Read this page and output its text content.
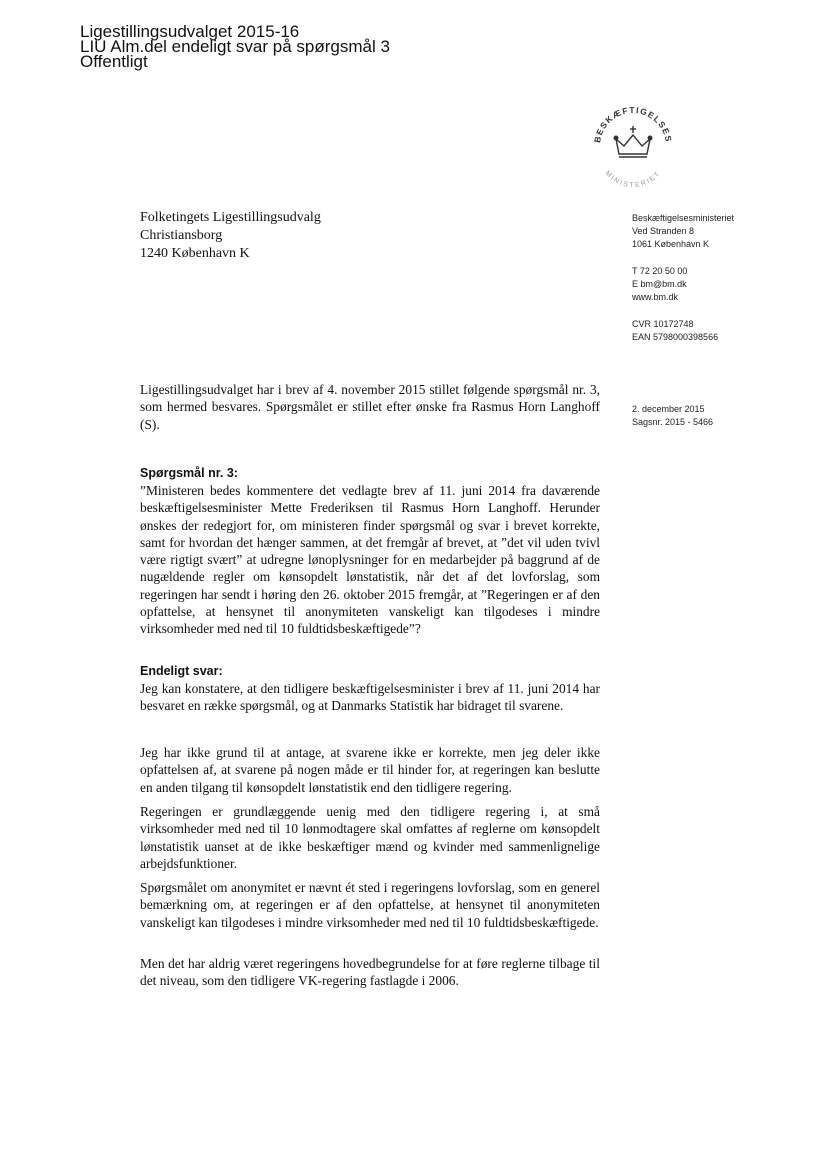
Ligestillingsudvalget 2015-16
LIU Alm.del endeligt svar på spørgsmål 3
Offentligt
BESKÆFTIGELSES
MINISTERIET
Folketingets Ligestillingsudvalg
Christiansborg
1240 København K
Beskæftigelsesministeriet
Ved Stranden 8
1061 København K
T 72 20 50 00
E bm@bm.dk
www.bm.dk
CVR 10172748
EAN 5798000398566
2. december 2015
Sagsnr. 2015 - 5466

Ligestillingsudvalget har i brev af 4. november 2015 stillet følgende spørgsmål nr. 3, som hermed besvares. Spørgsmålet er stillet efter ønske fra Rasmus Horn Langhoff (S).

Spørgsmål nr. 3:

”Ministeren bedes kommentere det vedlagte brev af 11. juni 2014 fra daværende beskæftigelsesminister Mette Frederiksen til Rasmus Horn Langhoff. Herunder ønskes der redegjort for, om ministeren finder spørgsmål og svar i brevet korrekte, samt for hvordan det hænger sammen, at det fremgår af brevet, at ”det vil uden tvivl være rigtigt svært” at udregne lønoplysninger for en medarbejder på baggrund af de nugældende regler om kønsopdelt lønstatistik, når det af det lovforslag, som regeringen har sendt i høring den 26. oktober 2015 fremgår, at ”Regeringen er af den opfattelse, at hensynet til anonymiteten vanskeligt kan tilgodeses i mindre virksomheder med ned til 10 fuldtidsbeskæftigede”?

Endeligt svar:

Jeg kan konstatere, at den tidligere beskæftigelsesminister i brev af 11. juni 2014 har besvaret en række spørgsmål, og at Danmarks Statistik har bidraget til svarene.

Jeg har ikke grund til at antage, at svarene ikke er korrekte, men jeg deler ikke opfattelsen af, at svarene på nogen måde er til hinder for, at regeringen kan beslutte en anden tilgang til kønsopdelt lønstatistik end den tidligere regering.

Regeringen er grundlæggende uenig med den tidligere regering i, at små virksomheder med ned til 10 lønmodtagere skal omfattes af reglerne om kønsopdelt lønstatistik uanset at de ikke beskæftiger mænd og kvinder med sammenlignelige arbejdsfunktioner.

Spørgsmålet om anonymitet er nævnt ét sted i regeringens lovforslag, som en generel bemærkning om, at regeringen er af den opfattelse, at hensynet til anonymiteten vanskeligt kan tilgodeses i mindre virksomheder med ned til 10 fuldtidsbeskæftigede.

Men det har aldrig været regeringens hovedbegrundelse for at føre reglerne tilbage til det niveau, som den tidligere VK-regering fastlagde i 2006.
